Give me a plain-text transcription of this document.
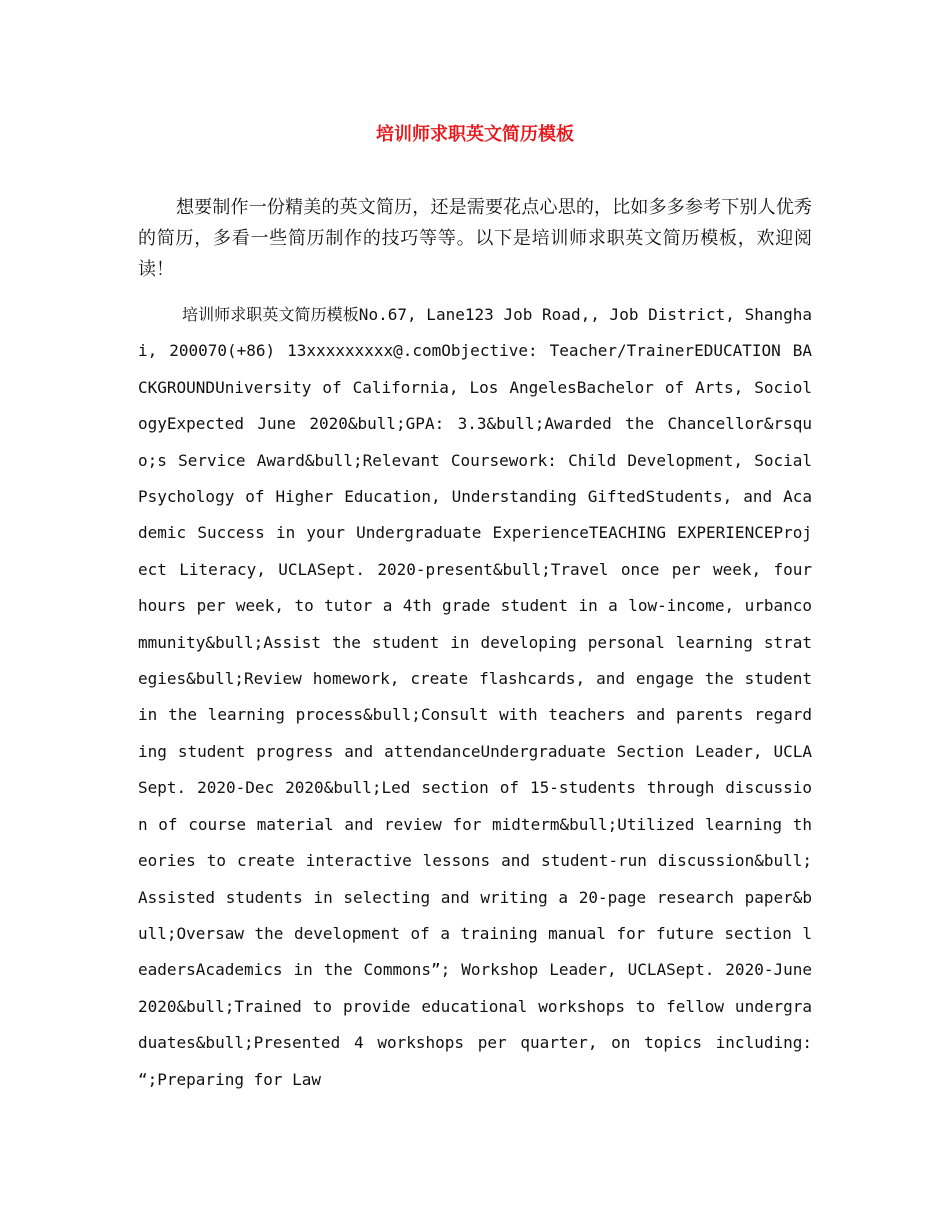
培训师求职英文简历模板

想要制作一份精美的英文简历，还是需要花点心思的，比如多多参考下别人优秀的简历，多看一些简历制作的技巧等等。以下是培训师求职英文简历模板，欢迎阅读！

培训师求职英文简历模板No.67, Lane123 Job Road,, Job District, Shanghai, 200070(+86) 13xxxxxxxxx@.comObjective: Teacher/TrainerEDUCATION BACKGROUNDUniversity of California, Los AngelesBachelor of Arts, SociologyExpected June 2020&bull;GPA: 3.3&bull;Awarded the Chancellor&rsquo;s Service Award&bull;Relevant Coursework: Child Development, Social Psychology of Higher Education, Understanding GiftedStudents, and Academic Success in your Undergraduate ExperienceTEACHING EXPERIENCEProject Literacy, UCLASept. 2020-present&bull;Travel once per week, four hours per week, to tutor a 4th grade student in a low-income, urbancommunity&bull;Assist the student in developing personal learning strategies&bull;Review homework, create flashcards, and engage the student in the learning process&bull;Consult with teachers and parents regarding student progress and attendanceUndergraduate Section Leader, UCLASept. 2020-Dec 2020&bull;Led section of 15-students through discussion of course material and review for midterm&bull;Utilized learning theories to create interactive lessons and student-run discussion&bull;Assisted students in selecting and writing a 20-page research paper&bull;Oversaw the development of a training manual for future section leadersAcademics in the Commons”; Workshop Leader, UCLASept. 2020-June 2020&bull;Trained to provide educational workshops to fellow undergraduates&bull;Presented 4 workshops per quarter, on topics including: “;Preparing for Law
